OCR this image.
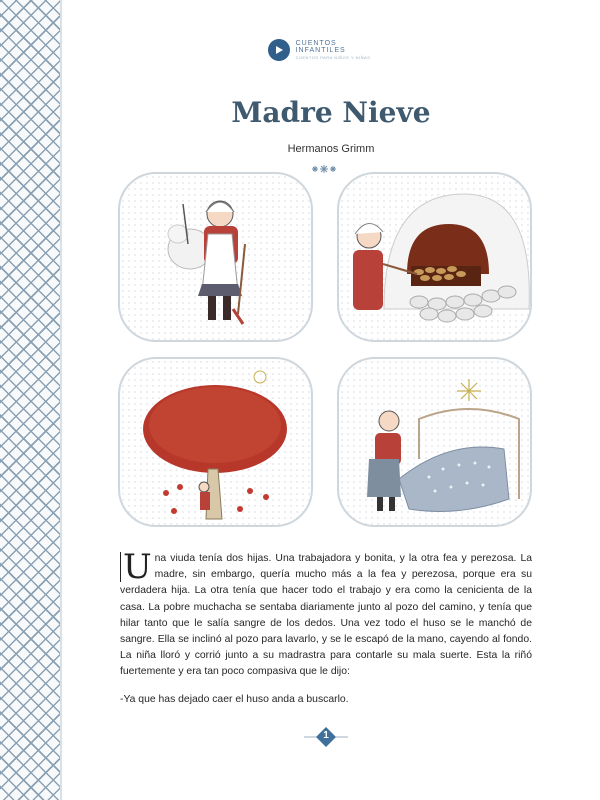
CUENTOS INFANTILES
CUENTOS PARA NIÑOS Y NIÑAS
Madre Nieve
Hermanos Grimm
U na viuda tenía dos hijas. Una trabajadora y bonita, y la otra fea y perezosa. La madre, sin embargo, quería mucho más a la fea y perezosa, porque era su verdadera hija. La otra tenía que hacer todo el trabajo y era como la cenicienta de la casa. La pobre muchacha se sentaba diariamente junto al pozo del camino, y tenía que hilar tanto que le salía sangre de los dedos. Una vez todo el huso se le manchó de sangre. Ella se inclinó al pozo para lavarlo, y se le escapó de la mano, cayendo al fondo. La niña lloró y corrió junto a su madrastra para contarle su mala suerte. Esta la riñó fuertemente y era tan poco compasiva que le dijo:
-Ya que has dejado caer el huso anda a buscarlo.
1
